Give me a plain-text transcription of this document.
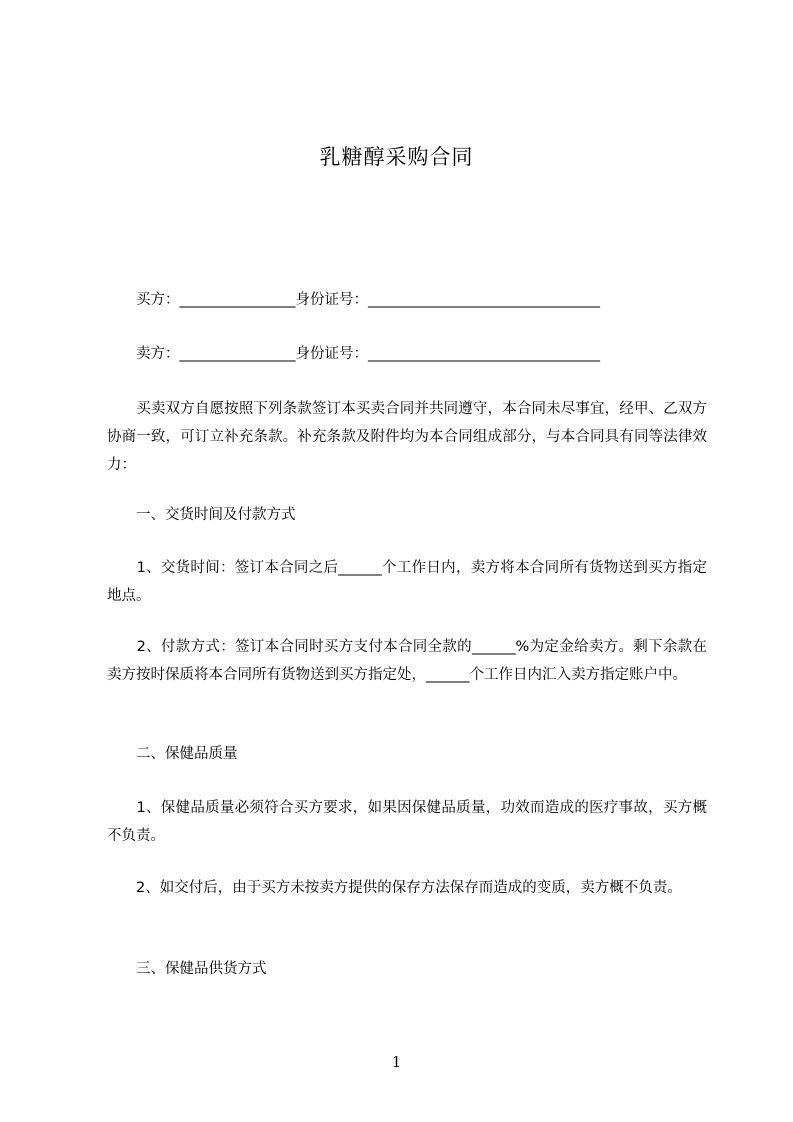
乳糖醇采购合同
　　买方：________________身份证号：________________________________
　　卖方：________________身份证号：________________________________
　　买卖双方自愿按照下列条款签订本买卖合同并共同遵守，本合同未尽事宜，经甲、乙双方协商一致，可订立补充条款。补充条款及附件均为本合同组成部分，与本合同具有同等法律效力：
　　一、交货时间及付款方式
　　1、交货时间：签订本合同之后______个工作日内，卖方将本合同所有货物送到买方指定地点。
　　2、付款方式：签订本合同时买方支付本合同全款的______%为定金给卖方。剩下余款在卖方按时保质将本合同所有货物送到买方指定处，______个工作日内汇入卖方指定账户中。
　　二、保健品质量
　　1、保健品质量必须符合买方要求，如果因保健品质量，功效而造成的医疗事故，买方概不负责。
　　2、如交付后，由于买方未按卖方提供的保存方法保存而造成的变质，卖方概不负责。
　　三、保健品供货方式
1
